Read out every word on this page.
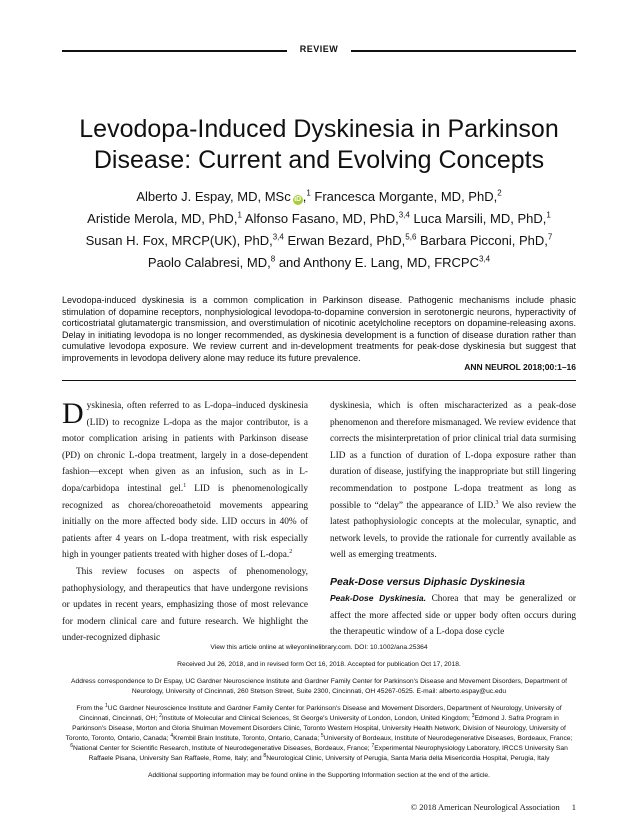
REVIEW
Levodopa-Induced Dyskinesia in Parkinson
Disease: Current and Evolving Concepts

Alberto J. Espay, MD, MSc iD ,$^1$ Francesca Morgante, MD, PhD,$^2$

Aristide Merola, MD, PhD,$^1$ Alfonso Fasano, MD, PhD,$^{3,4}$ Luca Marsili, MD, PhD,$^1$

Susan H. Fox, MRCP(UK), PhD,$^{3,4}$ Erwan Bezard, PhD,$^{5,6}$ Barbara Picconi, PhD,$^7$

Paolo Calabresi, MD,$^8$ and Anthony E. Lang, MD, FRCPC$^{3,4}$

Levodopa-induced dyskinesia is a common complication in Parkinson disease. Pathogenic mechanisms include phasic stimulation of dopamine receptors, nonphysiological levodopa-to-dopamine conversion in serotonergic neurons, hyperactivity of corticostriatal glutamatergic transmission, and overstimulation of nicotinic acetylcholine receptors on dopamine-releasing axons. Delay in initiating levodopa is no longer recommended, as dyskinesia development is a function of disease duration rather than cumulative levodopa exposure. We review current and in-development treatments for peak-dose dyskinesia but suggest that improvements in levodopa delivery alone may reduce its future prevalence.

ANN NEUROL 2018;00:1–16

Dyskinesia, often referred to as L-dopa–induced dyskinesia (LID) to recognize L-dopa as the major contributor, is a motor complication arising in patients with Parkinson disease (PD) on chronic L-dopa treatment, largely in a dose-dependent fashion—except when given as an infusion, such as in L-dopa/carbidopa intestinal gel.$^1$ LID is phenomenologically recognized as chorea/choreoathetoid movements appearing initially on the more affected body side. LID occurs in 40% of patients after 4 years on L-dopa treatment, with risk especially high in younger patients treated with higher doses of L-dopa.$^2$

This review focuses on aspects of phenomenology, pathophysiology, and therapeutics that have undergone revisions or updates in recent years, emphasizing those of most relevance for modern clinical care and future research. We highlight the under-recognized diphasic

dyskinesia, which is often mischaracterized as a peak-dose phenomenon and therefore mismanaged. We review evidence that corrects the misinterpretation of prior clinical trial data surmising LID as a function of duration of L-dopa exposure rather than duration of disease, justifying the inappropriate but still lingering recommendation to postpone L-dopa treatment as long as possible to “delay” the appearance of LID.$^3$ We also review the latest pathophysiologic concepts at the molecular, synaptic, and network levels, to provide the rationale for currently available as well as emerging treatments.

Peak-Dose versus Diphasic Dyskinesia

Peak-Dose Dyskinesia. Chorea that may be generalized or affect the more affected side or upper body often occurs during the therapeutic window of a L-dopa dose cycle

View this article online at wileyonlinelibrary.com. DOI: 10.1002/ana.25364

Received Jul 26, 2018, and in revised form Oct 16, 2018. Accepted for publication Oct 17, 2018.

Address correspondence to Dr Espay, UC Gardner Neuroscience Institute and Gardner Family Center for Parkinson's Disease and Movement Disorders, Department of Neurology, University of Cincinnati, 260 Stetson Street, Suite 2300, Cincinnati, OH 45267-0525. E-mail: alberto.espay@uc.edu

From the $^1$UC Gardner Neuroscience Institute and Gardner Family Center for Parkinson's Disease and Movement Disorders, Department of Neurology, University of Cincinnati, Cincinnati, OH; $^2$Institute of Molecular and Clinical Sciences, St George's University of London, London, United Kingdom; $^3$Edmond J. Safra Program in Parkinson's Disease, Morton and Gloria Shulman Movement Disorders Clinic, Toronto Western Hospital, University Health Network, Division of Neurology, University of Toronto, Toronto, Ontario, Canada; $^4$Krembil Brain Institute, Toronto, Ontario, Canada; $^5$University of Bordeaux, Institute of Neurodegenerative Diseases, Bordeaux, France; $^6$National Center for Scientific Research, Institute of Neurodegenerative Diseases, Bordeaux, France; $^7$Experimental Neurophysiology Laboratory, IRCCS University San Raffaele Pisana, University San Raffaele, Rome, Italy; and $^8$Neurological Clinic, University of Perugia, Santa Maria della Misericordia Hospital, Perugia, Italy

Additional supporting information may be found online in the Supporting Information section at the end of the article.

© 2018 American Neurological Association 1
